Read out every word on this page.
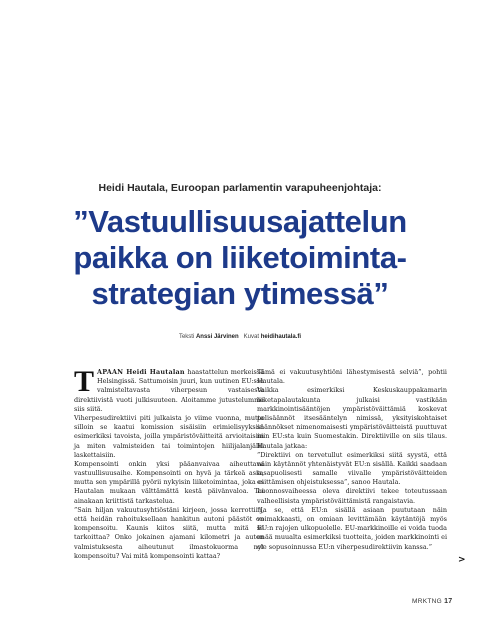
Heidi Hautala, Euroopan parlamentin varapuheenjohtaja:
”Vastuullisuusajattelun
paikka on liiketoiminta-
strategian ytimessä”
Teksti Anssi Järvinen Kuvat heidihautala.fi

TAPAAN Heidi Hautalan haastattelun merkeissä Helsingissä. Sattumoisin juuri, kun uutinen EU:ssa valmisteltavasta viherpesun vastaisesta direktiivistä vuoti julkisuuteen. Aloitamme jutustelumme siis siitä.

Viherpesudirektiivi piti julkaista jo viime vuonna, mutta silloin se kaatui komission sisäisiin erimielisyyksiin esimerkiksi tavoista, joilla ympäristöväitteitä arvioitaisiin ja miten valmisteiden tai toimintojen hiilijalanjälki laskettaisiin.

Kompensointi onkin yksi pääanvaivaa aiheuttava vastuullisuusaihe. Kompensointi on hyvä ja tärkeä asia, mutta sen ympärillä pyörii nykyisin liiketoimintaa, joka ei Hautalan mukaan välttämättä kestä päivänvaloa. Tai ainakaan kriittistä tarkastelua.

”Sain hiljan vakuutusyhtiöstäni kirjeen, jossa kerrottiin, että heidän rahoituksellaan hankitun autoni päästöt on kompensoitu. Kaunis kiitos siitä, mutta mitä se tarkoittaa? Onko jokainen ajamani kilometri ja auton valmistuksesta aiheutunut ilmastokuorma nyt kompensoitu? Vai mitä kompensointi kattaa?

Tämä ei vakuutusyhtiöni lähestymisestä selviä”, pohtii Hautala.

Vaikka esimerkiksi Keskuskauppakamarin liiketapalautakunta julkaisi vastikään markkinointisääntöjen ympäristöväittämiä koskevat pelisäännöt itsesääntelyn nimissä, yksityiskohtaiset säännökset nimenomaisesti ympäristöväitteistä puuttuvat niin EU:sta kuin Suomestakin. Direktiiville on siis tilaus. Hautala jatkaa:

”Direktiivi on tervetullut esimerkiksi siitä syystä, että näin käytännöt yhtenäistyvät EU:n sisällä. Kaikki saadaan tasapuolisesti samalle viivalle ympäristöväitteiden esittämisen ohjeistuksessa”, sanoo Hautala.

Luonnosvaiheessa oleva direktiivi tekee toteutussaan valheellisista ympäristöväittämistä rangaistavia.

”Ja se, että EU:n sisällä asiaan puututaan näin voimakkaasti, on omiaan levittämään käytäntöjä myös EU:n rajojen ulkopuolelle. EU-markkinoille ei voida tuoda enää muualta esimerkiksi tuotteita, joiden markkinointi ei ole sopusoinnussa EU:n viherpesudirektiivin kanssa.”

>
MRKTNG 17
